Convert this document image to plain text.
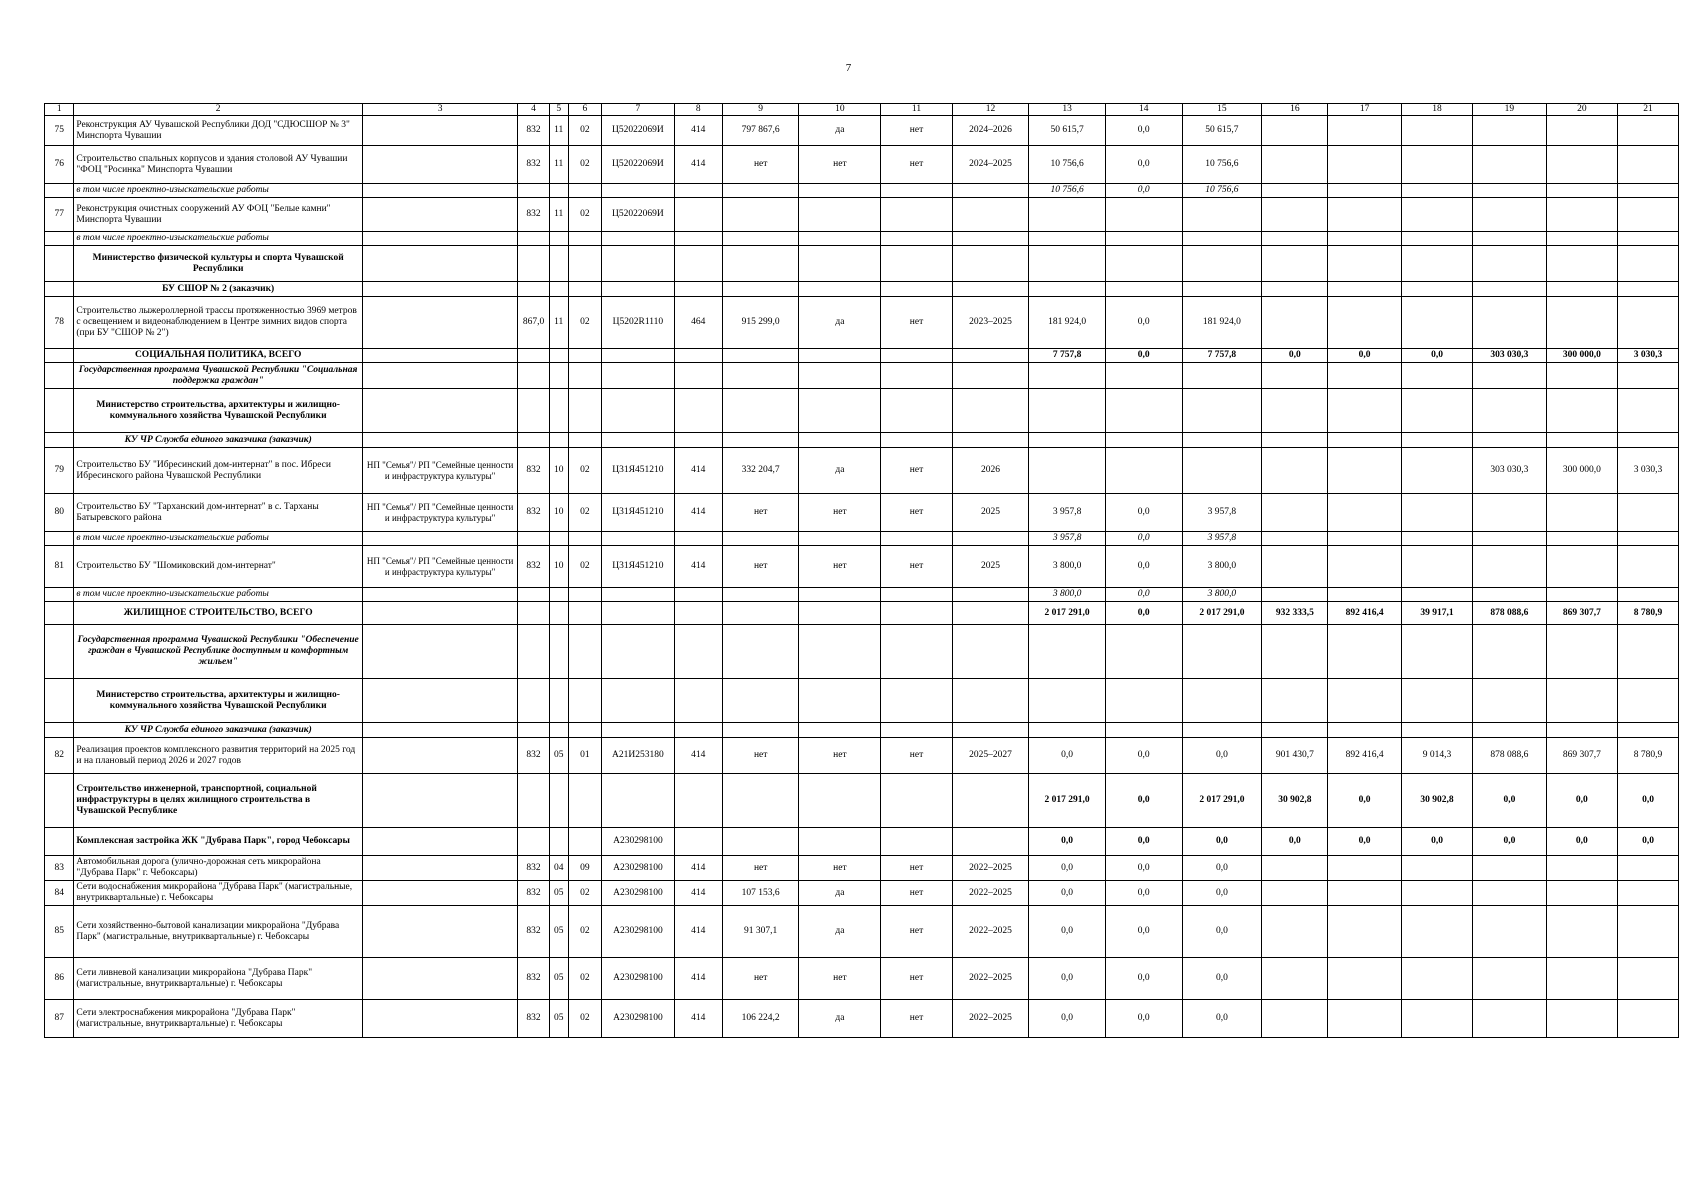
7
1	2	3	4	5	6	7	8	9	10	11	12	13	14	15	16	17	18	19	20	21
75	Реконструкция АУ Чувашской Республики ДОД "СДЮСШОР № 3" Минспорта Чувашии		832	11	02	Ц52022069И	414	797 867,6	да	нет	2024–2026	50 615,7	0,0	50 615,7						
76	Строительство спальных корпусов и здания столовой АУ Чувашии "ФОЦ "Росинка" Минспорта Чувашии		832	11	02	Ц52022069И	414	нет	нет	нет	2024–2025	10 756,6	0,0	10 756,6						
	в том числе проектно-изыскательские работы											10 756,6	0,0	10 756,6						
77	Реконструкция очистных сооружений АУ ФОЦ "Белые камни" Минспорта Чувашии		832	11	02	Ц52022069И														
	в том числе проектно-изыскательские работы																			
	Министерство физической культуры и спорта Чувашской Республики																			
	БУ СШОР № 2 (заказчик)																			
78	Строительство лыжероллерной трассы протяженностью 3969 метров с освещением и видеонаблюдением в Центре зимних видов спорта (при БУ "СШОР № 2")		867,0	11	02	Ц5202R1110	464	915 299,0	да	нет	2023–2025	181 924,0	0,0	181 924,0						
	СОЦИАЛЬНАЯ ПОЛИТИКА, ВСЕГО											7 757,8	0,0	7 757,8	0,0	0,0	0,0	303 030,3	300 000,0	3 030,3
	Государственная программа Чувашской Республики "Социальная поддержка граждан"																			
	Министерство строительства, архитектуры и жилищно-коммунального хозяйства Чувашской Республики																			
	КУ ЧР Служба единого заказчика (заказчик)																			
79	Строительство БУ "Ибресинский дом-интернат" в пос. Ибреси Ибресинского района Чувашской Республики	НП "Семья"/ РП "Семейные ценности и инфраструктура культуры"	832	10	02	Ц31Я451210	414	332 204,7	да	нет	2026							303 030,3	300 000,0	3 030,3
80	Строительство БУ "Тарханский дом-интернат" в с. Тарханы Батыревского района	НП "Семья"/ РП "Семейные ценности и инфраструктура культуры"	832	10	02	Ц31Я451210	414	нет	нет	нет	2025	3 957,8	0,0	3 957,8						
	в том числе проектно-изыскательские работы											3 957,8	0,0	3 957,8						
81	Строительство БУ "Шомиковский дом-интернат"	НП "Семья"/ РП "Семейные ценности и инфраструктура культуры"	832	10	02	Ц31Я451210	414	нет	нет	нет	2025	3 800,0	0,0	3 800,0						
	в том числе проектно-изыскательские работы											3 800,0	0,0	3 800,0						
	ЖИЛИЩНОЕ СТРОИТЕЛЬСТВО, ВСЕГО											2 017 291,0	0,0	2 017 291,0	932 333,5	892 416,4	39 917,1	878 088,6	869 307,7	8 780,9
	Государственная программа Чувашской Республики "Обеспечение граждан в Чувашской Республике доступным и комфортным жильем"																			
	Министерство строительства, архитектуры и жилищно-коммунального хозяйства Чувашской Республики																			
	КУ ЧР Служба единого заказчика (заказчик)																			
82	Реализация проектов комплексного развития территорий на 2025 год и на плановый период 2026 и 2027 годов		832	05	01	А21И253180	414	нет	нет	нет	2025–2027	0,0	0,0	0,0	901 430,7	892 416,4	9 014,3	878 088,6	869 307,7	8 780,9
	Строительство инженерной, транспортной, социальной инфраструктуры в целях жилищного строительства в Чувашской Республике											2 017 291,0	0,0	2 017 291,0	30 902,8	0,0	30 902,8	0,0	0,0	0,0
	Комплексная застройка ЖК "Дубрава Парк", город Чебоксары					А230298100						0,0	0,0	0,0	0,0	0,0	0,0	0,0	0,0	0,0
83	Автомобильная дорога (улично-дорожная сеть микрорайона "Дубрава Парк" г. Чебоксары)		832	04	09	А230298100	414	нет	нет	нет	2022–2025	0,0	0,0	0,0						
84	Сети водоснабжения микрорайона "Дубрава Парк" (магистральные, внутриквартальные) г. Чебоксары		832	05	02	А230298100	414	107 153,6	да	нет	2022–2025	0,0	0,0	0,0						
85	Сети хозяйственно-бытовой канализации микрорайона "Дубрава Парк" (магистральные, внутриквартальные) г. Чебоксары		832	05	02	А230298100	414	91 307,1	да	нет	2022–2025	0,0	0,0	0,0						
86	Сети ливневой канализации микрорайона "Дубрава Парк" (магистральные, внутриквартальные) г. Чебоксары		832	05	02	А230298100	414	нет	нет	нет	2022–2025	0,0	0,0	0,0						
87	Сети электроснабжения микрорайона "Дубрава Парк" (магистральные, внутриквартальные) г. Чебоксары		832	05	02	А230298100	414	106 224,2	да	нет	2022–2025	0,0	0,0	0,0						
